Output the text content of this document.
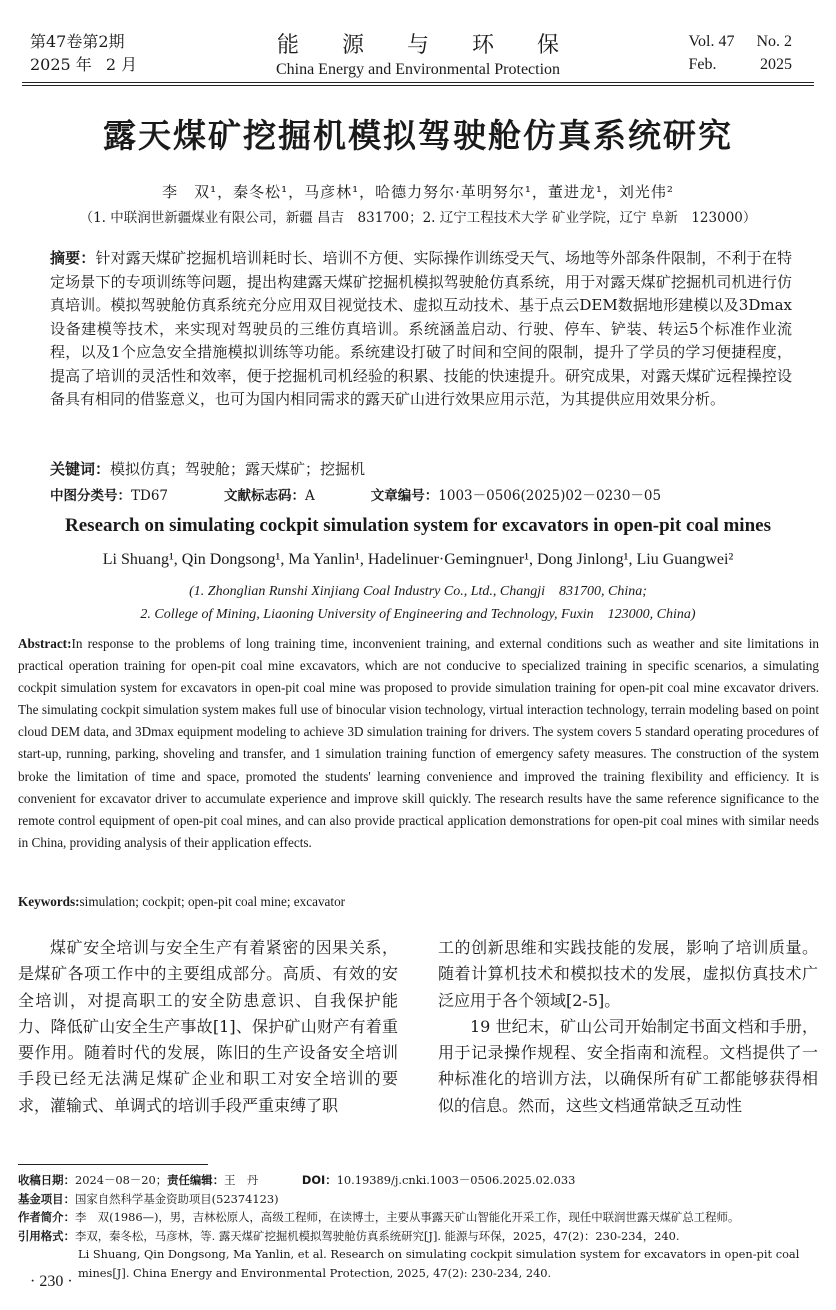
第47卷第2期
2025 年 2 月
能 源 与 环 保
China Energy and Environmental Protection
Vol. 47 No. 2
Feb.	2025
露天煤矿挖掘机模拟驾驶舱仿真系统研究
李　双¹，秦冬松¹，马彦林¹，哈德力努尔·革明努尔¹，董进龙¹，刘光伟²
（1. 中联润世新疆煤业有限公司，新疆 昌吉　831700；2. 辽宁工程技术大学 矿业学院，辽宁 阜新　123000）
摘要：针对露天煤矿挖掘机培训耗时长、培训不方便、实际操作训练受天气、场地等外部条件限制，不利于在特定场景下的专项训练等问题，提出构建露天煤矿挖掘机模拟驾驶舱仿真系统，用于对露天煤矿挖掘机司机进行仿真培训。模拟驾驶舱仿真系统充分应用双目视觉技术、虚拟互动技术、基于点云DEM数据地形建模以及3Dmax设备建模等技术，来实现对驾驶员的三维仿真培训。系统涵盖启动、行驶、停车、铲装、转运5个标准作业流程，以及1个应急安全措施模拟训练等功能。系统建设打破了时间和空间的限制，提升了学员的学习便捷程度，提高了培训的灵活性和效率，便于挖掘机司机经验的积累、技能的快速提升。研究成果，对露天煤矿远程操控设备具有相同的借鉴意义，也可为国内相同需求的露天矿山进行效果应用示范，为其提供应用效果分析。
关键词：模拟仿真；驾驶舱；露天煤矿；挖掘机
中图分类号：TD67	文献标志码：A	文章编号：1003－0506(2025)02－0230－05
Research on simulating cockpit simulation system for excavators in open-pit coal mines
Li Shuang¹, Qin Dongsong¹, Ma Yanlin¹, Hadelinuer·Gemingnuer¹, Dong Jinlong¹, Liu Guangwei²
(1. Zhonglian Runshi Xinjiang Coal Industry Co., Ltd., Changji　831700, China;
2. College of Mining, Liaoning University of Engineering and Technology, Fuxin　123000, China)
Abstract:In response to the problems of long training time, inconvenient training, and external conditions such as weather and site limitations in practical operation training for open-pit coal mine excavators, which are not conducive to specialized training in specific scenarios, a simulating cockpit simulation system for excavators in open-pit coal mine was proposed to provide simulation training for open-pit coal mine excavator drivers. The simulating cockpit simulation system makes full use of binocular vision technology, virtual interaction technology, terrain modeling based on point cloud DEM data, and 3Dmax equipment modeling to achieve 3D simulation training for drivers. The system covers 5 standard operating procedures of start-up, running, parking, shoveling and transfer, and 1 simulation training function of emergency safety measures. The construction of the system broke the limitation of time and space, promoted the students' learning convenience and improved the training flexibility and efficiency. It is convenient for excavator driver to accumulate experience and improve skill quickly. The research results have the same reference significance to the remote control equipment of open-pit coal mines, and can also provide practical application demonstrations for open-pit coal mines with similar needs in China, providing analysis of their application effects.
Keywords:simulation; cockpit; open-pit coal mine; excavator

煤矿安全培训与安全生产有着紧密的因果关系，是煤矿各项工作中的主要组成部分。高质、有效的安全培训，对提高职工的安全防患意识、自我保护能力、降低矿山安全生产事故[1]、保护矿山财产有着重要作用。随着时代的发展，陈旧的生产设备安全培训手段已经无法满足煤矿企业和职工对安全培训的要求，灌输式、单调式的培训手段严重束缚了职

工的创新思维和实践技能的发展，影响了培训质量。随着计算机技术和模拟技术的发展，虚拟仿真技术广泛应用于各个领域[2-5]。

19 世纪末，矿山公司开始制定书面文档和手册，用于记录操作规程、安全指南和流程。文档提供了一种标准化的培训方法，以确保所有矿工都能够获得相似的信息。然而，这些文档通常缺乏互动性

收稿日期：2024－08－20；责任编辑：王　丹	DOI：10.19389/j.cnki.1003－0506.2025.02.033
基金项目：国家自然科学基金资助项目(52374123)
作者简介：李　双(1986—)，男，吉林松原人，高级工程师，在读博士，主要从事露天矿山智能化开采工作，现任中联润世露天煤矿总工程师。
引用格式：李双，秦冬松，马彦林，等. 露天煤矿挖掘机模拟驾驶舱仿真系统研究[J]. 能源与环保，2025，47(2)：230-234，240.
Li Shuang, Qin Dongsong, Ma Yanlin, et al. Research on simulating cockpit simulation system for excavators in open-pit coal mines[J]. China Energy and Environmental Protection, 2025, 47(2): 230-234, 240.
· 230 ·
